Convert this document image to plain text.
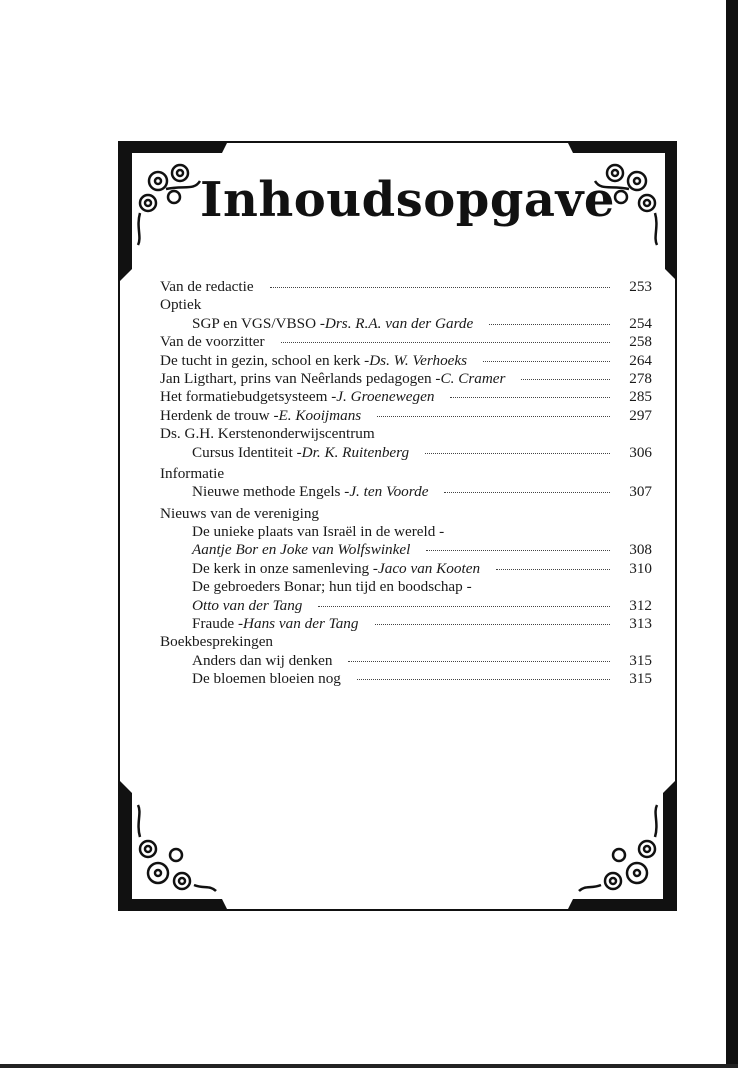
Inhoudsopgave
Van de redactie	253
Optiek
SGP en VGS/VBSO - Drs. R.A. van der Garde	254
Van de voorzitter	258
De tucht in gezin, school en kerk - Ds. W. Verhoeks	264
Jan Ligthart, prins van Neêrlands pedagogen - C. Cramer	278
Het formatiebudgetsysteem - J. Groenewegen	285
Herdenk de trouw - E. Kooijmans	297
Ds. G.H. Kerstenonderwijscentrum
Cursus Identiteit - Dr. K. Ruitenberg	306
Informatie
Nieuwe methode Engels - J. ten Voorde	307
Nieuws van de vereniging
De unieke plaats van Israël in de wereld -
Aantje Bor en Joke van Wolfswinkel	308
De kerk in onze samenleving - Jaco van Kooten	310
De gebroeders Bonar; hun tijd en boodschap -
Otto van der Tang	312
Fraude - Hans van der Tang	313
Boekbesprekingen
Anders dan wij denken	315
De bloemen bloeien nog	315
